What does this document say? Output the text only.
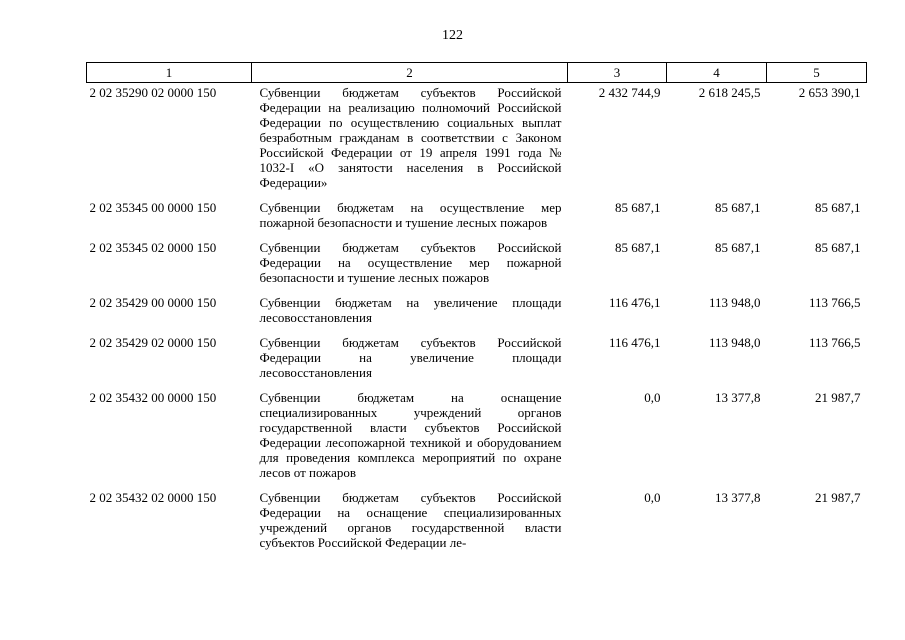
122
1	2	3	4	5
2 02 35290 02 0000 150	Субвенции бюджетам субъектов Российской Федерации на реализацию полномочий Российской Федерации по осуществлению социальных выплат безработным гражданам в соответствии с Законом Российской Федерации от 19 апреля 1991 года № 1032-I «О занятости населения в Российской Федерации»	2 432 744,9	2 618 245,5	2 653 390,1
2 02 35345 00 0000 150	Субвенции бюджетам на осуществление мер пожарной безопасности и тушение лесных пожаров	85 687,1	85 687,1	85 687,1
2 02 35345 02 0000 150	Субвенции бюджетам субъектов Российской Федерации на осуществление мер пожарной безопасности и тушение лесных пожаров	85 687,1	85 687,1	85 687,1
2 02 35429 00 0000 150	Субвенции бюджетам на увеличение площади лесовосстановления	116 476,1	113 948,0	113 766,5
2 02 35429 02 0000 150	Субвенции бюджетам субъектов Российской Федерации на увеличение площади лесовосстановления	116 476,1	113 948,0	113 766,5
2 02 35432 00 0000 150	Субвенции бюджетам на оснащение специализированных учреждений органов государственной власти субъектов Российской Федерации лесопожарной техникой и оборудованием для проведения комплекса мероприятий по охране лесов от пожаров	0,0	13 377,8	21 987,7
2 02 35432 02 0000 150	Субвенции бюджетам субъектов Российской Федерации на оснащение специализированных учреждений органов государственной власти субъектов Российской Федерации ле-	0,0	13 377,8	21 987,7
